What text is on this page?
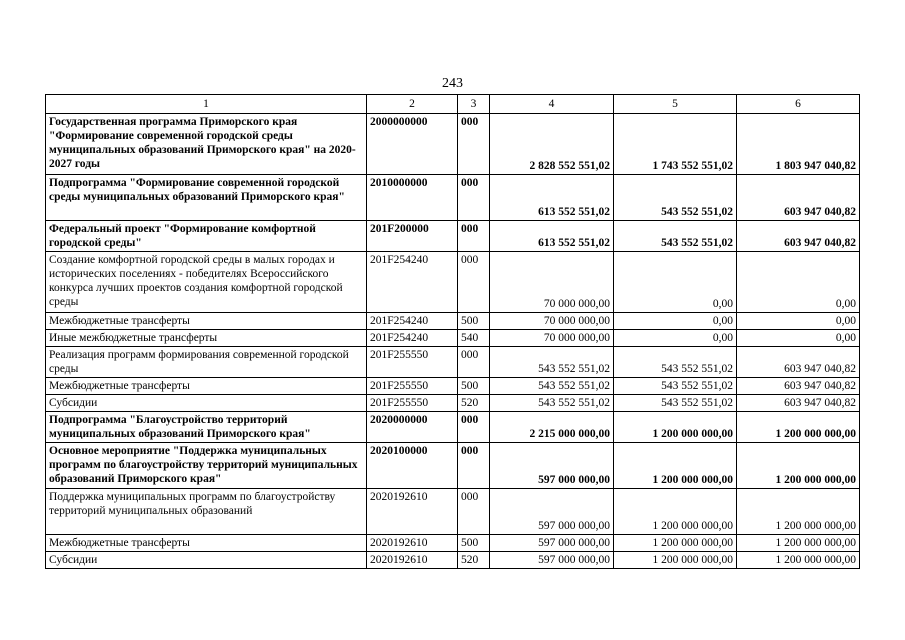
243
1	2	3	4	5	6
Государственная программа Приморского края "Формирование современной городской среды муниципальных образований Приморского края" на 2020-2027 годы	2000000000	000	2 828 552 551,02	1 743 552 551,02	1 803 947 040,82
Подпрограмма "Формирование современной городской среды муниципальных образований Приморского края"	2010000000	000	613 552 551,02	543 552 551,02	603 947 040,82
Федеральный проект "Формирование комфортной городской среды"	201F200000	000	613 552 551,02	543 552 551,02	603 947 040,82
Создание комфортной городской среды в малых городах и исторических поселениях - победителях Всероссийского конкурса лучших проектов создания комфортной городской среды	201F254240	000	70 000 000,00	0,00	0,00
Межбюджетные трансферты	201F254240	500	70 000 000,00	0,00	0,00
Иные межбюджетные трансферты	201F254240	540	70 000 000,00	0,00	0,00
Реализация программ формирования современной городской среды	201F255550	000	543 552 551,02	543 552 551,02	603 947 040,82
Межбюджетные трансферты	201F255550	500	543 552 551,02	543 552 551,02	603 947 040,82
Субсидии	201F255550	520	543 552 551,02	543 552 551,02	603 947 040,82
Подпрограмма "Благоустройство территорий муниципальных образований Приморского края"	2020000000	000	2 215 000 000,00	1 200 000 000,00	1 200 000 000,00
Основное мероприятие "Поддержка муниципальных программ по благоустройству территорий муниципальных образований Приморского края"	2020100000	000	597 000 000,00	1 200 000 000,00	1 200 000 000,00
Поддержка муниципальных программ по благоустройству территорий муниципальных образований	2020192610	000	597 000 000,00	1 200 000 000,00	1 200 000 000,00
Межбюджетные трансферты	2020192610	500	597 000 000,00	1 200 000 000,00	1 200 000 000,00
Субсидии	2020192610	520	597 000 000,00	1 200 000 000,00	1 200 000 000,00
